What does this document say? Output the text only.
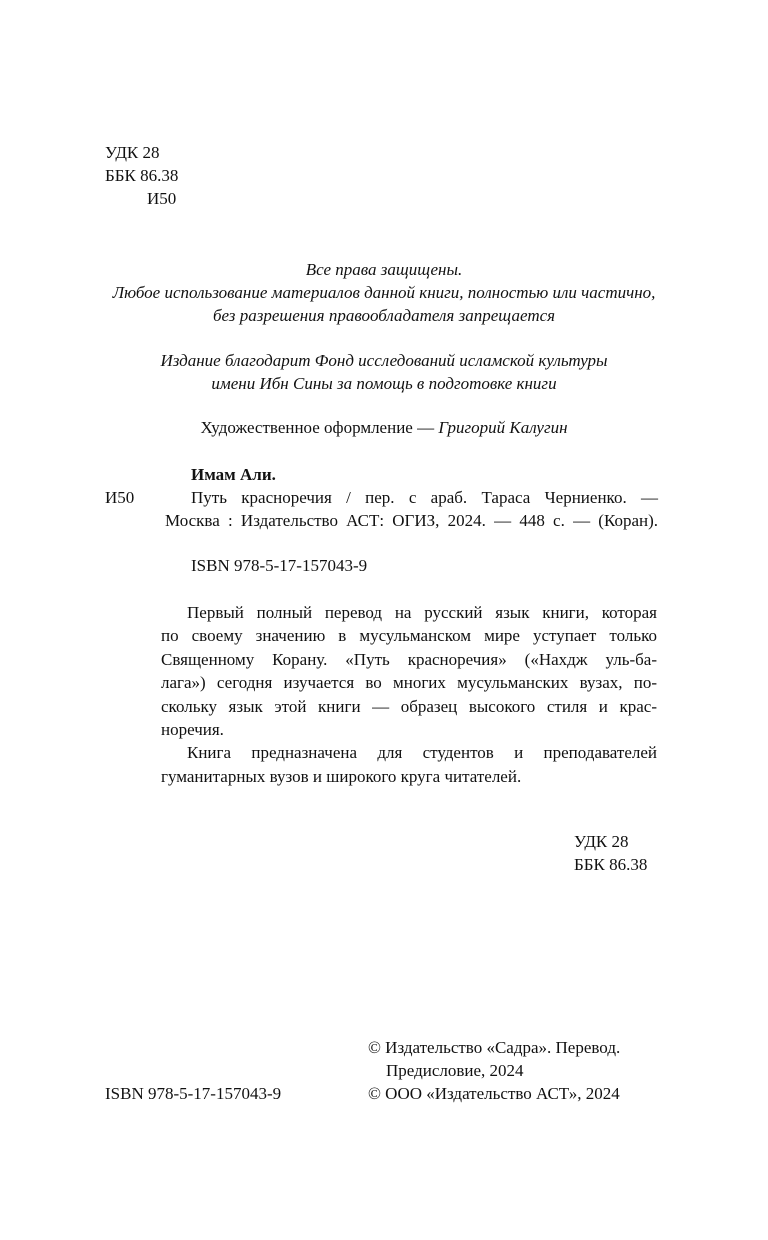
УДК 28
ББК 86.38
И50
Все права защищены.
Любое использование материалов данной книги, полностью или частично,
без разрешения правообладателя запрещается
Издание благодарит Фонд исследований исламской культуры
имени Ибн Сины за помощь в подготовке книги
Художественное оформление — Григорий Калугин
Имам Али.
И50	Путь красноречия / пер. с араб. Тараса Черниенко. —
Москва : Издательство АСТ: ОГИЗ, 2024. — 448 с. — (Коран).
ISBN 978-5-17-157043-9

Первый полный перевод на русский язык книги, которая
по своему значению в мусульманском мире уступает только
Священному Корану. «Путь красноречия» («Нахдж уль-ба-
лага») сегодня изучается во многих мусульманских вузах, по-
скольку язык этой книги — образец высокого стиля и крас-
норечия.

Книга предназначена для студентов и преподавателей
гуманитарных вузов и широкого круга читателей.

УДК 28
ББК 86.38
© Издательство «Садра». Перевод.
Предисловие, 2024
© ООО «Издательство АСТ», 2024
ISBN 978-5-17-157043-9
